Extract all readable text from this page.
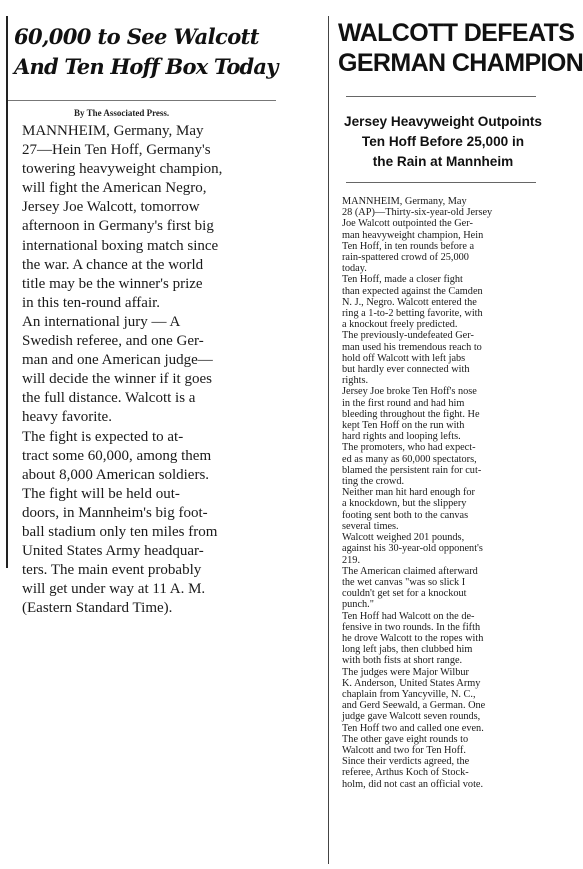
60,000 to See Walcott
And Ten Hoff Box Today
By The Associated Press.

MANNHEIM, Germany, May
27—Hein Ten Hoff, Germany's
towering heavyweight champion,
will fight the American Negro,
Jersey Joe Walcott, tomorrow
afternoon in Germany's first big
international boxing match since
the war. A chance at the world
title may be the winner's prize
in this ten-round affair.

An international jury — A
Swedish referee, and one Ger-
man and one American judge—
will decide the winner if it goes
the full distance. Walcott is a
heavy favorite.

The fight is expected to at-
tract some 60,000, among them
about 8,000 American soldiers.

The fight will be held out-
doors, in Mannheim's big foot-
ball stadium only ten miles from
United States Army headquar-
ters. The main event probably
will get under way at 11 A. M.
(Eastern Standard Time).

WALCOTT DEFEATS
GERMAN CHAMPION
Jersey Heavyweight Outpoints
Ten Hoff Before 25,000 in
the Rain at Mannheim

MANNHEIM, Germany, May
28 (AP)—Thirty-six-year-old Jersey
Joe Walcott outpointed the Ger-
man heavyweight champion, Hein
Ten Hoff, in ten rounds before a
rain-spattered crowd of 25,000
today.

Ten Hoff, made a closer fight
than expected against the Camden
N. J., Negro. Walcott entered the
ring a 1-to-2 betting favorite, with
a knockout freely predicted.

The previously-undefeated Ger-
man used his tremendous reach to
hold off Walcott with left jabs
but hardly ever connected with
rights.

Jersey Joe broke Ten Hoff's nose
in the first round and had him
bleeding throughout the fight. He
kept Ten Hoff on the run with
hard rights and looping lefts.

The promoters, who had expect-
ed as many as 60,000 spectators,
blamed the persistent rain for cut-
ting the crowd.

Neither man hit hard enough for
a knockdown, but the slippery
footing sent both to the canvas
several times.

Walcott weighed 201 pounds,
against his 30-year-old opponent's
219.

The American claimed afterward
the wet canvas "was so slick I
couldn't get set for a knockout
punch."

Ten Hoff had Walcott on the de-
fensive in two rounds. In the fifth
he drove Walcott to the ropes with
long left jabs, then clubbed him
with both fists at short range.

The judges were Major Wilbur
K. Anderson, United States Army
chaplain from Yancyville, N. C.,
and Gerd Seewald, a German. One
judge gave Walcott seven rounds,
Ten Hoff two and called one even.
The other gave eight rounds to
Walcott and two for Ten Hoff.
Since their verdicts agreed, the
referee, Arthus Koch of Stock-
holm, did not cast an official vote.
